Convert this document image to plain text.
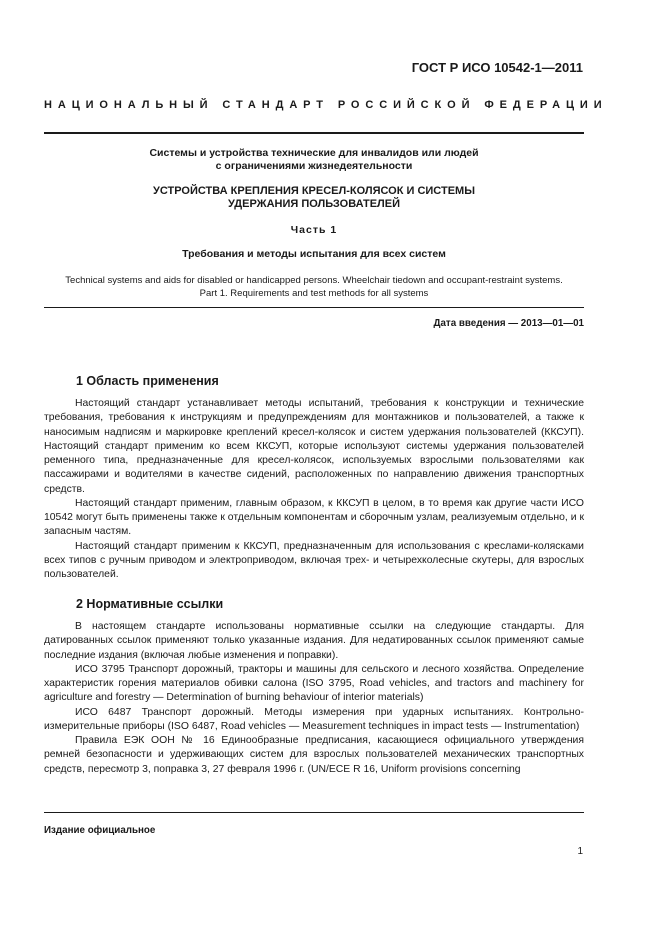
ГОСТ Р ИСО 10542-1—2011
НАЦИОНАЛЬНЫЙ СТАНДАРТ РОССИЙСКОЙ ФЕДЕРАЦИИ
Системы и устройства технические для инвалидов или людей
с ограничениями жизнедеятельности
УСТРОЙСТВА КРЕПЛЕНИЯ КРЕСЕЛ-КОЛЯСОК И СИСТЕМЫ
УДЕРЖАНИЯ ПОЛЬЗОВАТЕЛЕЙ
Часть 1
Требования и методы испытания для всех систем
Technical systems and aids for disabled or handicapped persons. Wheelchair tiedown and occupant-restraint systems.
Part 1. Requirements and test methods for all systems
Дата введения — 2013—01—01
1 Область применения

Настоящий стандарт устанавливает методы испытаний, требования к конструкции и технические требования, требования к инструкциям и предупреждениям для монтажников и пользователей, а также к наносимым надписям и маркировке креплений кресел-колясок и систем удержания пользователей (ККСУП). Настоящий стандарт применим ко всем ККСУП, которые используют системы удержания пользователей ременного типа, предназначенные для кресел-колясок, используемых взрослыми пользователями как пассажирами и водителями в качестве сидений, расположенных по направлению движения транспортных средств.

Настоящий стандарт применим, главным образом, к ККСУП в целом, в то время как другие части ИСО 10542 могут быть применены также к отдельным компонентам и сборочным узлам, реализуемым отдельно, и к запасным частям.

Настоящий стандарт применим к ККСУП, предназначенным для использования с креслами-колясками всех типов с ручным приводом и электроприводом, включая трех- и четырехколесные скутеры, для взрослых пользователей.

2 Нормативные ссылки

В настоящем стандарте использованы нормативные ссылки на следующие стандарты. Для датированных ссылок применяют только указанные издания. Для недатированных ссылок применяют самые последние издания (включая любые изменения и поправки).

ИСО 3795 Транспорт дорожный, тракторы и машины для сельского и лесного хозяйства. Определение характеристик горения материалов обивки салона (ISO 3795, Road vehicles, and tractors and machinery for agriculture and forestry — Determination of burning behaviour of interior materials)

ИСО 6487 Транспорт дорожный. Методы измерения при ударных испытаниях. Контрольно-измерительные приборы (ISO 6487, Road vehicles — Measurement techniques in impact tests — Instrumentation)

Правила ЕЭК ООН № 16 Единообразные предписания, касающиеся официального утверждения ремней безопасности и удерживающих систем для взрослых пользователей механических транспортных средств, пересмотр 3, поправка 3, 27 февраля 1996 г. (UN/ECE R 16, Uniform provisions concerning

Издание официальное
1
